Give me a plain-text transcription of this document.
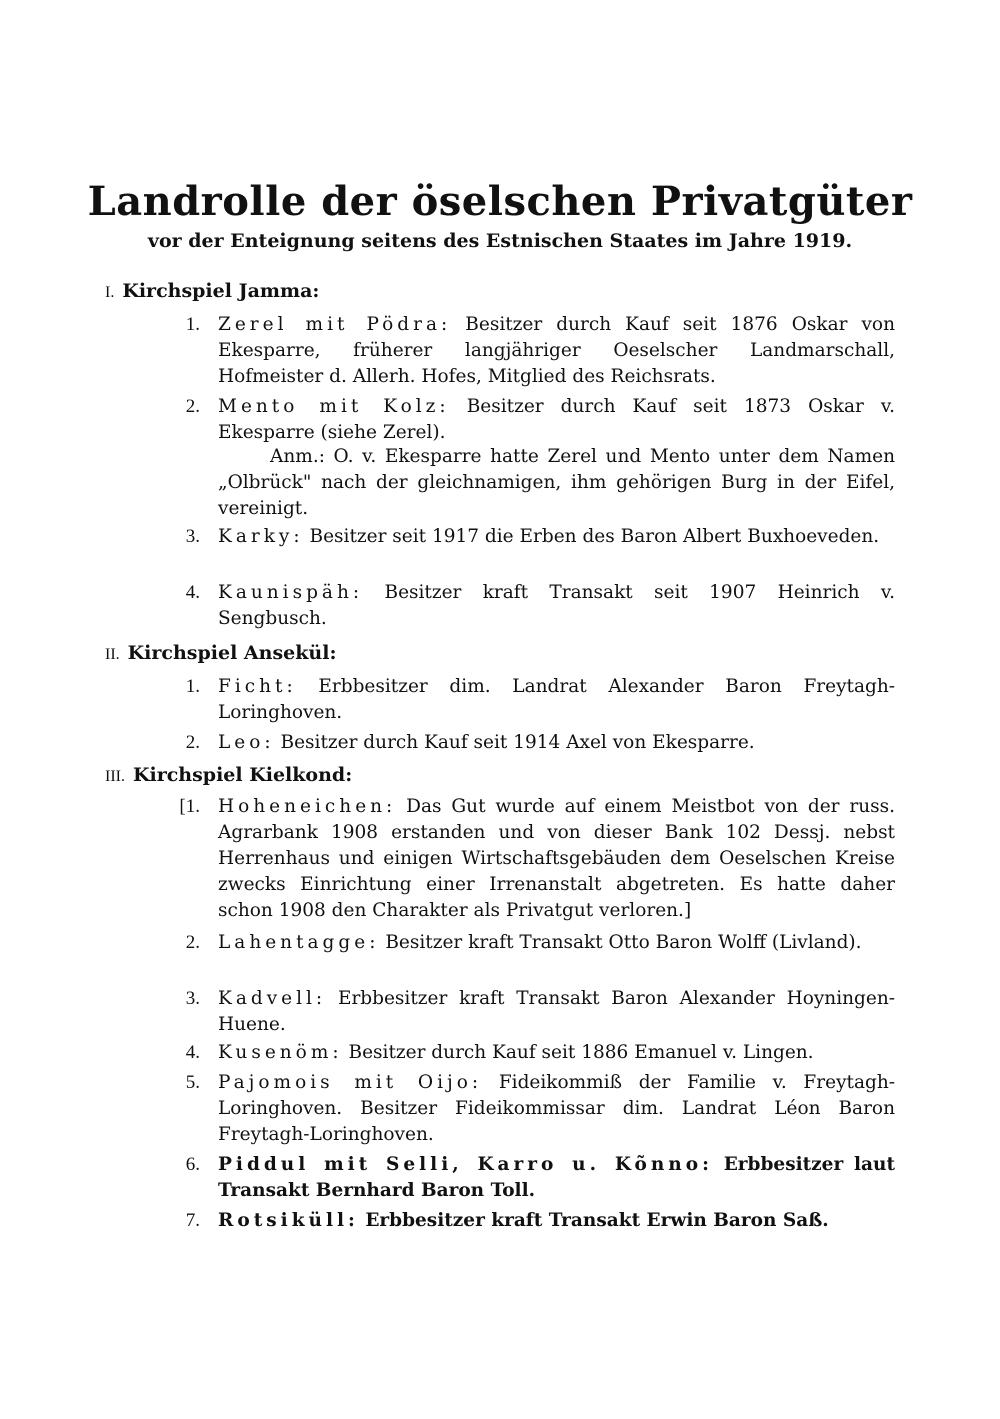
Landrolle der öselschen Privatgüter
vor der Enteignung seitens des Estnischen Staates im Jahre 1919.
I. Kirchspiel Jamma:
1. Zerel mit Pödra: Besitzer durch Kauf seit 1876 Oskar von Ekesparre, früherer langjähriger Oeselscher Landmarschall, Hofmeister d. Allerh. Hofes, Mitglied des Reichsrats.
2. Mento mit Kolz: Besitzer durch Kauf seit 1873 Oskar v. Ekesparre (siehe Zerel).
Anm.: O. v. Ekesparre hatte Zerel und Mento unter dem Namen „Olbrück" nach der gleichnamigen, ihm gehörigen Burg in der Eifel, vereinigt.
3. Karky: Besitzer seit 1917 die Erben des Baron Albert Buxhoeveden.
4. Kaunispäh: Besitzer kraft Transakt seit 1907 Heinrich v. Sengbusch.
II. Kirchspiel Ansekül:
1. Ficht: Erbbesitzer dim. Landrat Alexander Baron Freytagh-Loringhoven.
2. Leo: Besitzer durch Kauf seit 1914 Axel von Ekesparre.
III. Kirchspiel Kielkond:
[1. Hoheneichen: Das Gut wurde auf einem Meistbot von der russ. Agrarbank 1908 erstanden und von dieser Bank 102 Dessj. nebst Herrenhaus und einigen Wirtschaftsgebäuden dem Oeselschen Kreise zwecks Einrichtung einer Irrenanstalt abgetreten. Es hatte daher schon 1908 den Charakter als Privatgut verloren.]
2. Lahentagge: Besitzer kraft Transakt Otto Baron Wolff (Livland).
3. Kadvell: Erbbesitzer kraft Transakt Baron Alexander Hoyningen-Huene.
4. Kusenöm: Besitzer durch Kauf seit 1886 Emanuel v. Lingen.
5. Pajomois mit Oijo: Fideikommiß der Familie v. Freytagh-Loringhoven. Besitzer Fideikommissar dim. Landrat Léon Baron Freytagh-Loringhoven.
6. Piddul mit Selli, Karro u. Kõnno: Erbbesitzer laut Transakt Bernhard Baron Toll.
7. Rotsiküll: Erbbesitzer kraft Transakt Erwin Baron Saß.
